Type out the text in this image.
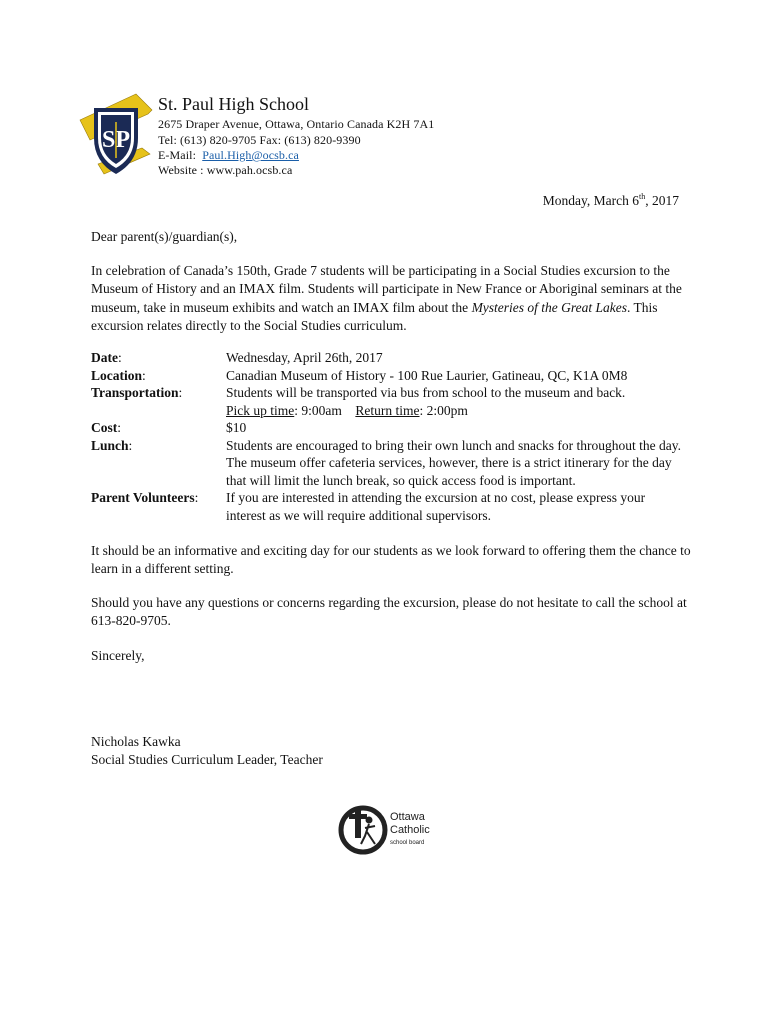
SP
St. Paul High School
2675 Draper Avenue, Ottawa, Ontario Canada K2H 7A1
Tel: (613) 820-9705 Fax: (613) 820-9390
E-Mail:  Paul.High@ocsb.ca
Website : www.pah.ocsb.ca
Monday, March 6th, 2017
Dear parent(s)/guardian(s),
In celebration of Canada’s 150th, Grade 7 students will be participating in a Social Studies excursion to the Museum of History and an IMAX film. Students will participate in New France or Aboriginal seminars at the museum, take in museum exhibits and watch an IMAX film about the Mysteries of the Great Lakes. This excursion relates directly to the Social Studies curriculum.
Date:	Wednesday, April 26th, 2017
Location:	Canadian Museum of History - 100 Rue Laurier, Gatineau, QC, K1A 0M8
Transportation:	Students will be transported via bus from school to the museum and back.
Pick up time: 9:00am Return time: 2:00pm
Cost:	$10
Lunch:	Students are encouraged to bring their own lunch and snacks for throughout the day. The museum offer cafeteria services, however, there is a strict itinerary for the day that will limit the lunch break, so quick access food is important.
Parent Volunteers: If you are interested in attending the excursion at no cost, please express your interest as we will require additional supervisors.
It should be an informative and exciting day for our students as we look forward to offering them the chance to learn in a different setting.
Should you have any questions or concerns regarding the excursion, please do not hesitate to call the school at 613-820-9705.
Sincerely,
Nicholas Kawka
Social Studies Curriculum Leader, Teacher
Ottawa
Catholic
school board
